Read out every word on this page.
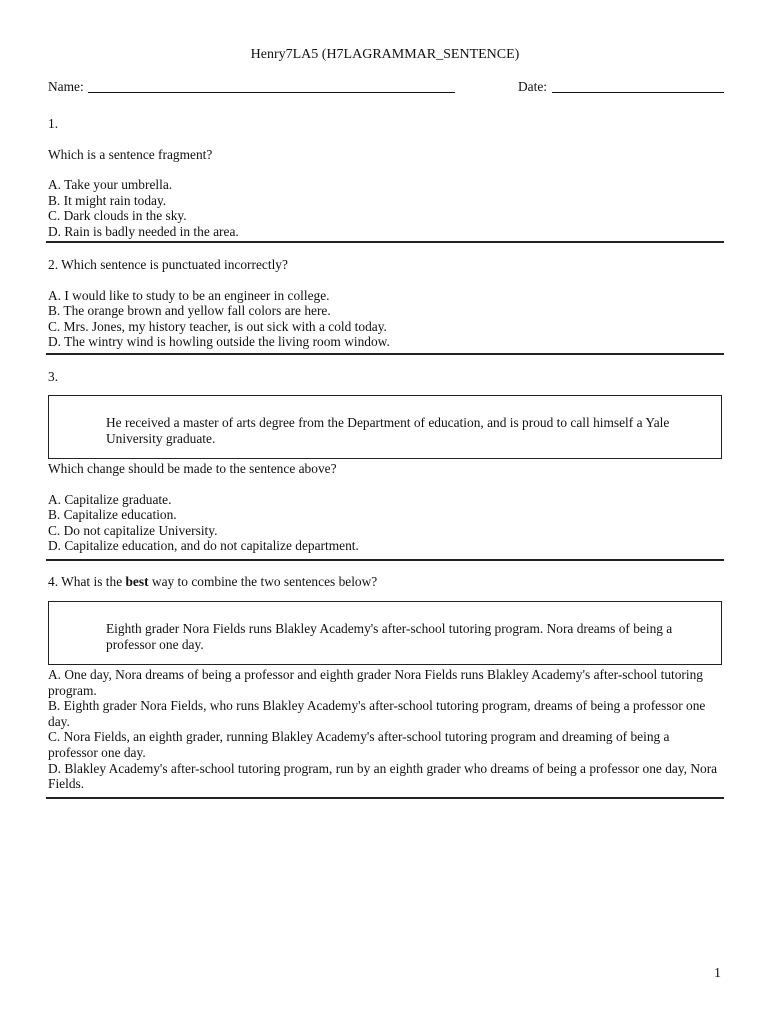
Henry7LA5 (H7LAGRAMMAR_SENTENCE)
Name:	Date:
1.
Which is a sentence fragment?
A. Take your umbrella.
B. It might rain today.
C. Dark clouds in the sky.
D. Rain is badly needed in the area.
2. Which sentence is punctuated incorrectly?
A. I would like to study to be an engineer in college.
B. The orange brown and yellow fall colors are here.
C. Mrs. Jones, my history teacher, is out sick with a cold today.
D. The wintry wind is howling outside the living room window.
3.
He received a master of arts degree from the Department of education, and is proud to call himself a Yale University graduate.
Which change should be made to the sentence above?
A. Capitalize graduate.
B. Capitalize education.
C. Do not capitalize University.
D. Capitalize education, and do not capitalize department.
4. What is the best way to combine the two sentences below?
Eighth grader Nora Fields runs Blakley Academy's after-school tutoring program. Nora dreams of being a professor one day.
A. One day, Nora dreams of being a professor and eighth grader Nora Fields runs Blakley Academy's after-school tutoring program.
B. Eighth grader Nora Fields, who runs Blakley Academy's after-school tutoring program, dreams of being a professor one day.
C. Nora Fields, an eighth grader, running Blakley Academy's after-school tutoring program and dreaming of being a professor one day.
D. Blakley Academy's after-school tutoring program, run by an eighth grader who dreams of being a professor one day, Nora Fields.
1
